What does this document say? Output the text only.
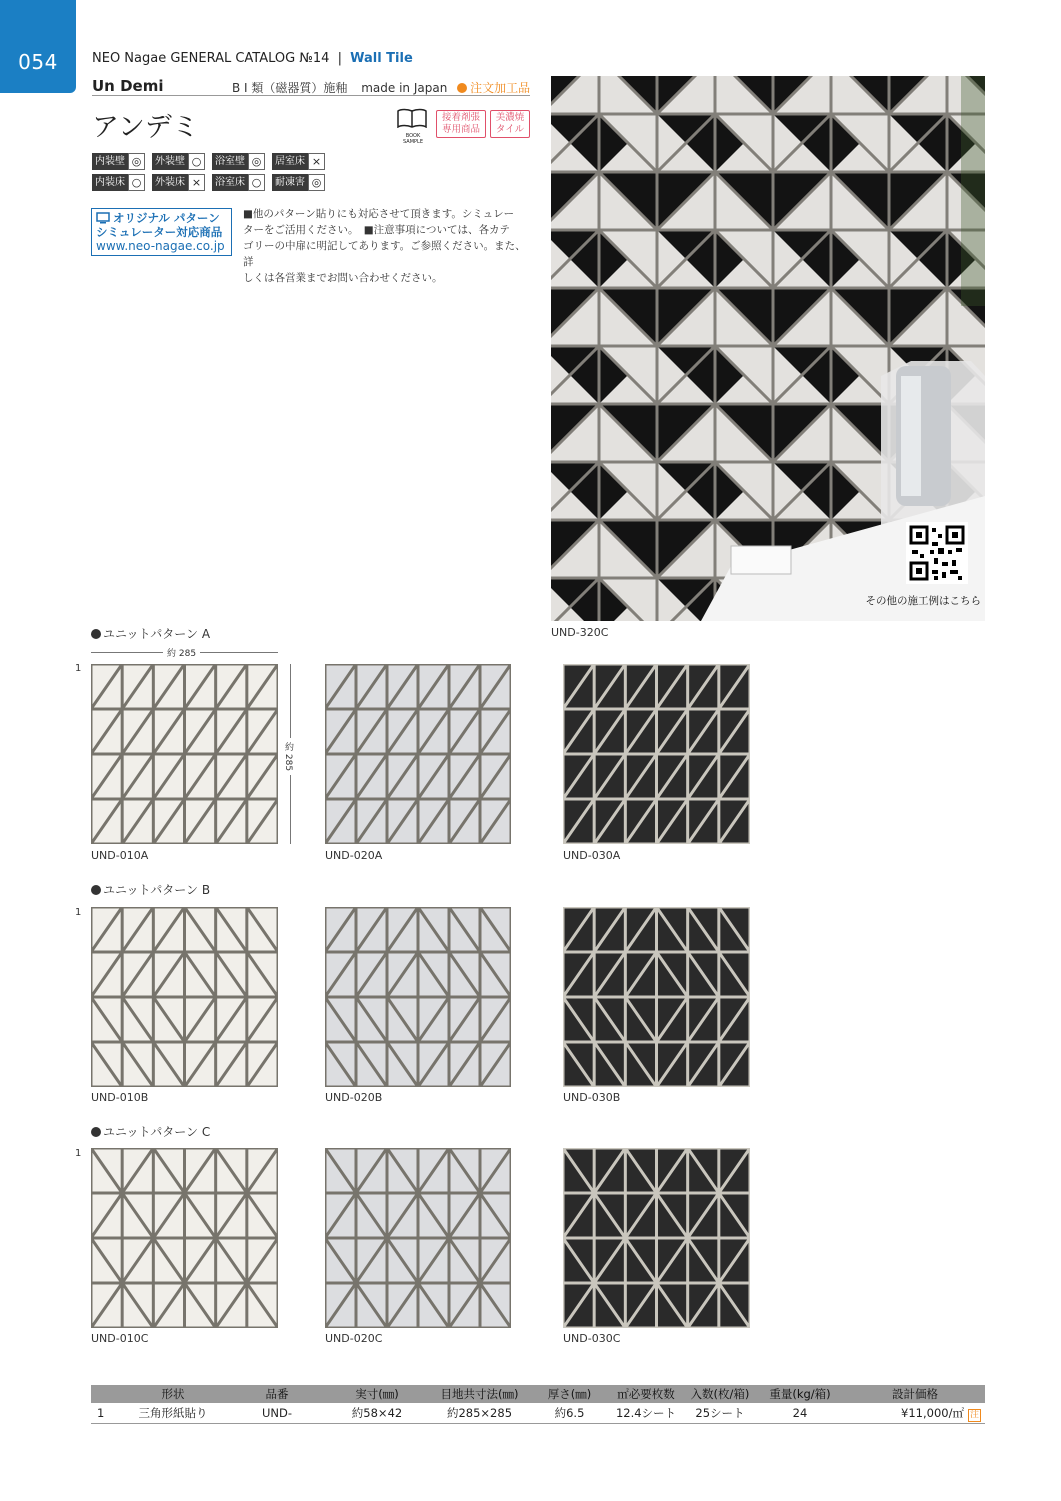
054	NEO Nagae GENERAL CATALOG №14 | Wall Tile
Un Demi	B I 類（磁器質）施釉 made in Japan 注文加工品
アンデミ	BOOK SAMPLE
接着剤張
専用商品
美濃焼
タイル
内装壁 ◎	外装壁 ○	浴室壁 ◎	居室床 ×
内装床 ○	外装床 ×	浴室床 ○	耐凍害 ◎
オリジナル パターン
シミュレーター対応商品
www.neo-nagae.co.jp
■他のパターン貼りにも対応させて頂きます。シミュレー
ターをご活用ください。　■注意事項については、各カテ
ゴリーの中扉に明記してあります。ご参照ください。また、詳
しくは各営業までお問い合わせください。
その他の施工例はこちら
UND-320C
ユニットパターン A
ユニットパターン B
ユニットパターン C
1
1
1
約 285
約 285
UND-010A	UND-020A	UND-030A
UND-010B	UND-020B	UND-030B
UND-010C	UND-020C	UND-030C
	形状	品番	実寸(㎜)	目地共寸法(㎜)	厚さ(㎜)	㎡必要枚数	入数(枚/箱)	重量(kg/箱)	設計価格
1	三角形紙貼り	UND-	約58×42	約285×285	約6.5	12.4シート	25シート	24	¥11,000/㎡ 注
